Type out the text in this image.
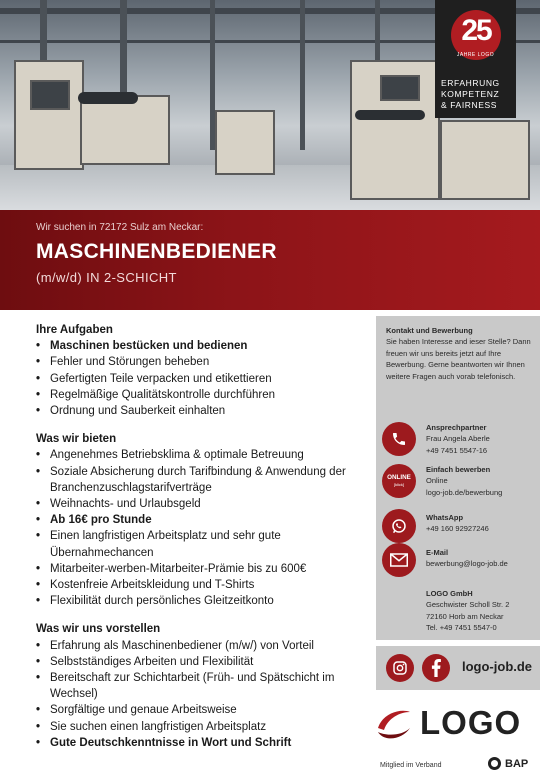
25
JAHRE LOGO
ERFAHRUNG
KOMPETENZ
& FAIRNESS
Wir suchen in 72172 Sulz am Neckar:
MASCHINENBEDIENER
(m/w/d) IN 2-SCHICHT
Ihre Aufgaben
• Maschinen bestücken und bedienen
• Fehler und Störungen beheben
• Gefertigten Teile verpacken und etikettieren
• Regelmäßige Qualitätskontrolle durchführen
• Ordnung und Sauberkeit einhalten
Was wir bieten
• Angenehmes Betriebsklima & optimale Betreuung
• Soziale Absicherung durch Tarifbindung & Anwendung der Branchenzuschlagstarifverträge
• Weihnachts- und Urlaubsgeld
• Ab 16€ pro Stunde
• Einen langfristigen Arbeitsplatz und sehr gute Übernahmechancen
• Mitarbeiter-werben-Mitarbeiter-Prämie bis zu 600€
• Kostenfreie Arbeitskleidung und T-Shirts
• Flexibilität durch persönliches Gleitzeitkonto
Was wir uns vorstellen
• Erfahrung als Maschinenbediener (m/w/) von Vorteil
• Selbstständiges Arbeiten und Flexibilität
• Bereitschaft zur Schichtarbeit (Früh- und Spätschicht im Wechsel)
• Sorgfältige und genaue Arbeitsweise
• Sie suchen einen langfristigen Arbeitsplatz
• Gute Deutschkenntnisse in Wort und Schrift
Kontakt und Bewerbung
Sie haben Interesse and ieser Stelle? Dann freuen wir uns bereits jetzt auf Ihre Bewerbung. Gerne beantworten wir Ihnen weitere Fragen auch vorab telefonisch.
Ansprechpartner
Frau Angela Aberle
+49 7451 5547-16
ONLINE
[klick]
Einfach bewerben
Online
logo-job.de/bewerbung
WhatsApp
+49 160 92927246
E-Mail
bewerbung@logo-job.de
LOGO GmbH
Geschwister Scholl Str. 2
72160 Horb am Neckar
Tel. +49 7451 5547-0
logo-job.de
LOGO
Mitglied im Verband	BAP
